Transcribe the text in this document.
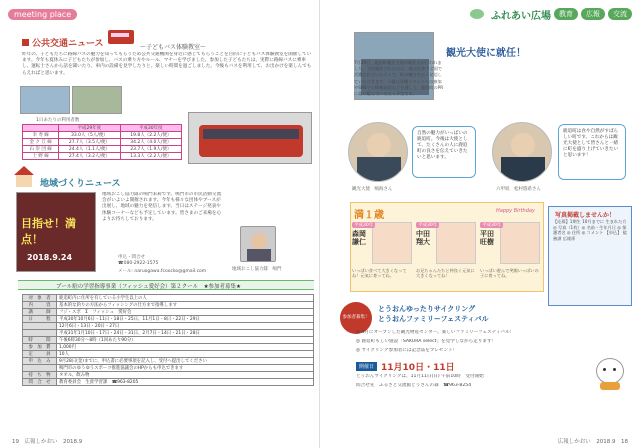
meeting place
公共交通ニュース	～子どもバス体験教室～
昨年の、子どもたちに路線バスの魅力を知ってもらうため公共交通機関を身近に感じてもらうことを目的に子どもバス体験教室を開催しています。今年も夏休みに子どもたちが参加し、バスの乗り方やルール、マナーを学びました。参加した子どもたちは、実際に路線バスに乗車し、運転士さんから話を聞いたり、車内の設備を見学したりと、楽しい時間を過ごしました。今後もバスを利用して、お出かけを楽しんでもらえればと思います。
1日あたりの利用者数
	平成29年度	平成30年度
幸 寿 線	33.0人（5人/便）	19.8人（2.2人/便）
金 ク 丘 線	27.7人（3.5人/便）	34.2人（4.0人/便）
石 崇 団 線	24.4人（1.1人/便）	23.7人（1.9人/便）
上 野 線	27.4人（3.2人/便）	13.3人（2.2人/便）
地域づくりニュース
目指せ！満点！
2018.9.24
地域おこし協力隊の鳴門茉莉です。鳴門市の市民活動交流会がいよいよ開催されます。今年も様々な団体やブースが出展し、地域の魅力を発信します。当日はステージ発表や体験コーナーなども予定しています。皆さまのご来場を心よりお待ちしております。
申込・問合せ
☎080-2922-1575
メール: naruogawa.fcoocko@gmail.com	地域おこし協力隊　鳴門
プール駐の学習指導事業（フィッシュ愛好会）第２クール　★参加者募集★
対　象　者	鹿追町内に住所を有している小学生以上の人
内　　　容	基本的な釣りの方法からフィッシングの仕方まで指導します
講　　　師	フジ・スポ　Σ　フィッシュ　愛好会
日　　　程	平成30年10月6日・11日・18日・25日、11月1日・8日・22日・29日
	12月6日・13日・20日・27日
	平成31年1月10日・17日・24日・31日、2月7日・14日・21日・28日
時　　　間	午後6時30分〜8時（1回あたり90分）
参　加　費	1,000円
定　　　員	10人
申　込　み	9月28日(金)までに、申込書に必要事項を記入し、受付へ提出してください
	鳴門市のゆうゆうスポーツ推進協議会のHPからも申込できます
持　ち　物	タオル、飲み物
問　合　せ	教育委員会　生涯学習課　☎963-8205
19　 広報しかおい　2018.9
ふれあい広場	教育	広報	交流
観光大使に就任！
7月29日、鹿追町観光大使の就任式が行われました。今回就任されたのは、地元出身で全国で活躍されている方々で、町の魅力を広く発信していただきます。今後は各種イベントへの参加やSNSでの情報発信などを通して、鹿追町のPRに取り組んでいただく予定です。
自然の魅力がいっぱいの鹿追町。今後は大使として、たくさんの人に鹿追町の良さを伝えていきたいと思います。
観光大使　鳴海さん
鹿追町は食や自然がすばらしい町です。これからは観光大使として皆さんと一緒に町を盛り上げていきたいと思います！
六甲坂　松村悠希さん
満１歳	Happy Birthday
平成30年
森岡 謙仁
いっぱい食べて大きくなってね！元気に育ってね。
平成30年
中田 翔大
お兄ちゃんたちと仲良く元気に大きくなってね！
平成30年
平田 旺樹
いっぱい遊んで笑顔いっぱいの子に育ってね。
写真掲載しませんか！
【応募】1期生 10月までに 生まれた方 ◎ 写真（1枚）◎ 名前・生年月日 ◎ 保護者名 ◎ 住所 ◎ コメント 【申込】 総務課 広報係
参加者募集！
とうおんゆったりサイクリング
とうおんファミリーフェスティバル
◎ 4月にオープンした観光物産センター。楽しいファミリーフェスティバル！
◎ 鹿追町もしい施設「SAKURA select」を見学しながら走ります！
◎ サイクリング参加者には記念品をプレゼント！
開催日 11月10日・11日
とうおんサイクリングは、11月11日(日) 午前10時　受付開始
問合せ先　ふるさと交流館どうさんの森　☎963-8254
広報しかおい　2018.9　 18
